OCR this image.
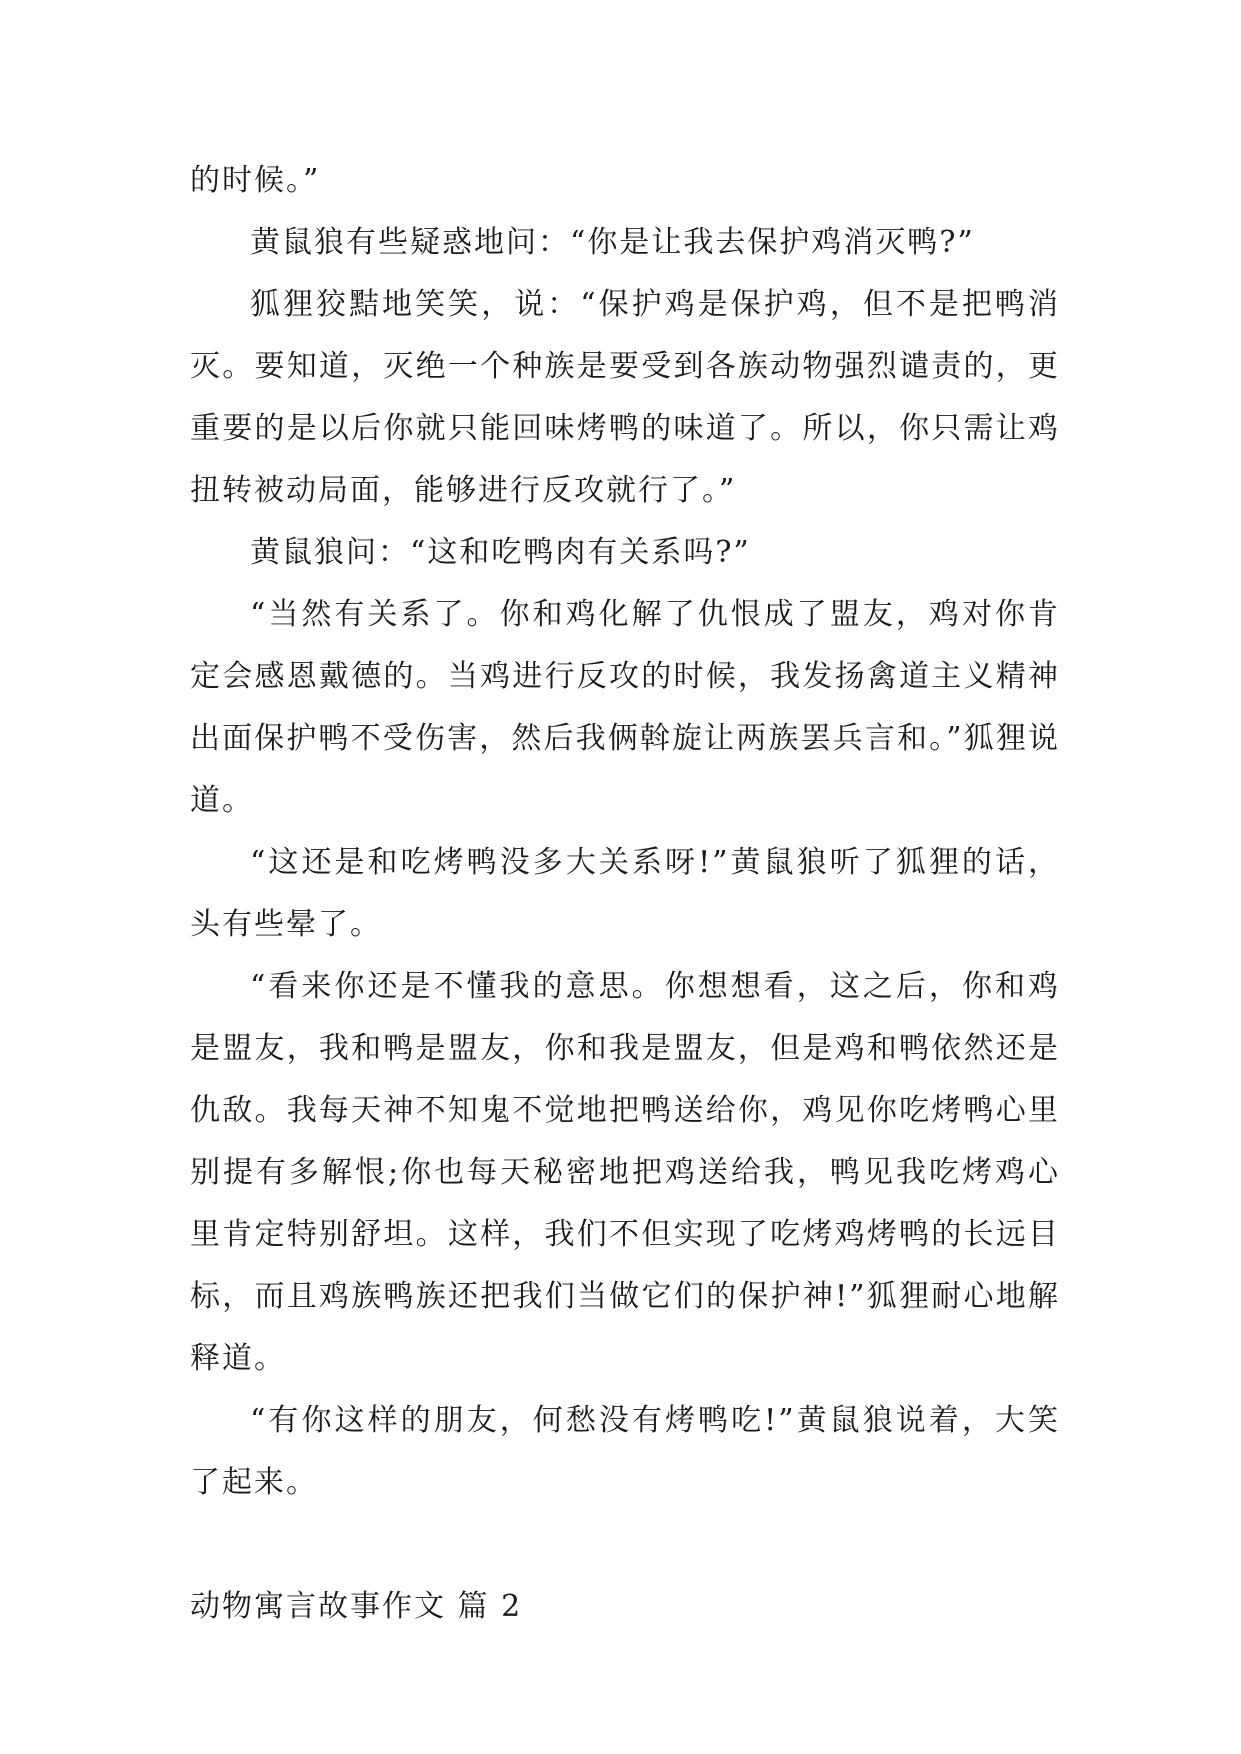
的时候。”

黄鼠狼有些疑惑地问：“你是让我去保护鸡消灭鸭?”

狐狸狡黠地笑笑，说：“保护鸡是保护鸡，但不是把鸭消灭。要知道，灭绝一个种族是要受到各族动物强烈谴责的，更重要的是以后你就只能回味烤鸭的味道了。所以，你只需让鸡扭转被动局面，能够进行反攻就行了。”

黄鼠狼问：“这和吃鸭肉有关系吗?”

“当然有关系了。你和鸡化解了仇恨成了盟友，鸡对你肯定会感恩戴德的。当鸡进行反攻的时候，我发扬禽道主义精神出面保护鸭不受伤害，然后我俩斡旋让两族罢兵言和。”狐狸说道。

“这还是和吃烤鸭没多大关系呀!”黄鼠狼听了狐狸的话，头有些晕了。

“看来你还是不懂我的意思。你想想看，这之后，你和鸡是盟友，我和鸭是盟友，你和我是盟友，但是鸡和鸭依然还是仇敌。我每天神不知鬼不觉地把鸭送给你，鸡见你吃烤鸭心里别提有多解恨;你也每天秘密地把鸡送给我，鸭见我吃烤鸡心里肯定特别舒坦。这样，我们不但实现了吃烤鸡烤鸭的长远目标，而且鸡族鸭族还把我们当做它们的保护神!”狐狸耐心地解释道。

“有你这样的朋友，何愁没有烤鸭吃!”黄鼠狼说着，大笑了起来。

动物寓言故事作文 篇 2
